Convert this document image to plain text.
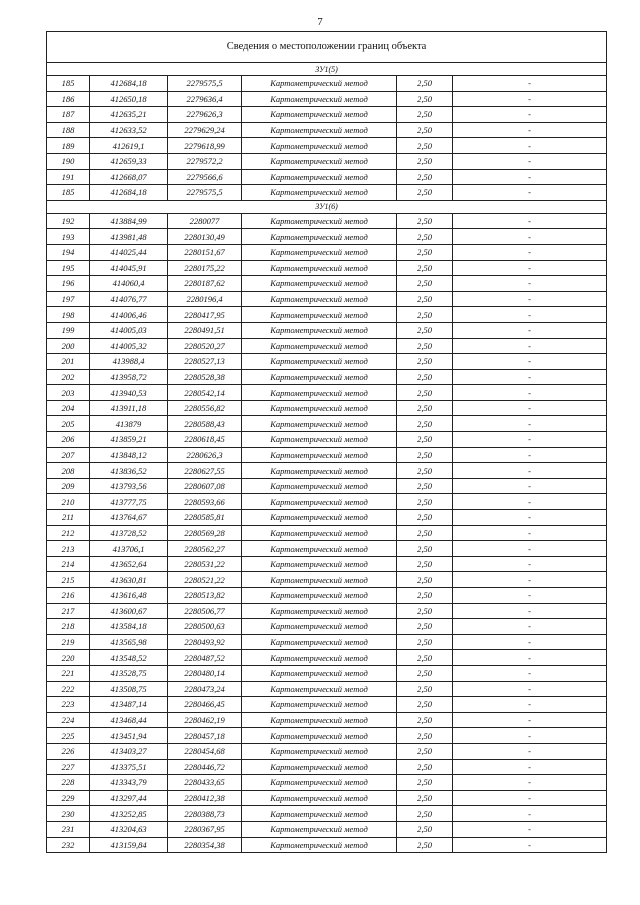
7
Сведения о местоположении границ объекта					
ЗУ1(5)					
185	412684,18	2279575,5	Картометрический метод	2,50	-
186	412650,18	2279636,4	Картометрический метод	2,50	-
187	412635,21	2279626,3	Картометрический метод	2,50	-
188	412633,52	2279629,24	Картометрический метод	2,50	-
189	412619,1	2279618,99	Картометрический метод	2,50	-
190	412659,33	2279572,2	Картометрический метод	2,50	-
191	412668,07	2279566,6	Картометрический метод	2,50	-
185	412684,18	2279575,5	Картометрический метод	2,50	-
ЗУ1(6)					
192	413884,99	2280077	Картометрический метод	2,50	-
193	413981,48	2280130,49	Картометрический метод	2,50	-
194	414025,44	2280151,67	Картометрический метод	2,50	-
195	414045,91	2280175,22	Картометрический метод	2,50	-
196	414060,4	2280187,62	Картометрический метод	2,50	-
197	414076,77	2280196,4	Картометрический метод	2,50	-
198	414006,46	2280417,95	Картометрический метод	2,50	-
199	414005,03	2280491,51	Картометрический метод	2,50	-
200	414005,32	2280520,27	Картометрический метод	2,50	-
201	413988,4	2280527,13	Картометрический метод	2,50	-
202	413958,72	2280528,38	Картометрический метод	2,50	-
203	413940,53	2280542,14	Картометрический метод	2,50	-
204	413911,18	2280556,82	Картометрический метод	2,50	-
205	413879	2280588,43	Картометрический метод	2,50	-
206	413859,21	2280618,45	Картометрический метод	2,50	-
207	413848,12	2280626,3	Картометрический метод	2,50	-
208	413836,52	2280627,55	Картометрический метод	2,50	-
209	413793,56	2280607,08	Картометрический метод	2,50	-
210	413777,75	2280593,66	Картометрический метод	2,50	-
211	413764,67	2280585,81	Картометрический метод	2,50	-
212	413728,52	2280569,28	Картометрический метод	2,50	-
213	413706,1	2280562,27	Картометрический метод	2,50	-
214	413652,64	2280531,22	Картометрический метод	2,50	-
215	413630,81	2280521,22	Картометрический метод	2,50	-
216	413616,48	2280513,82	Картометрический метод	2,50	-
217	413600,67	2280506,77	Картометрический метод	2,50	-
218	413584,18	2280500,63	Картометрический метод	2,50	-
219	413565,98	2280493,92	Картометрический метод	2,50	-
220	413548,52	2280487,52	Картометрический метод	2,50	-
221	413528,75	2280480,14	Картометрический метод	2,50	-
222	413508,75	2280473,24	Картометрический метод	2,50	-
223	413487,14	2280466,45	Картометрический метод	2,50	-
224	413468,44	2280462,19	Картометрический метод	2,50	-
225	413451,94	2280457,18	Картометрический метод	2,50	-
226	413403,27	2280454,68	Картометрический метод	2,50	-
227	413375,51	2280446,72	Картометрический метод	2,50	-
228	413343,79	2280433,65	Картометрический метод	2,50	-
229	413297,44	2280412,38	Картометрический метод	2,50	-
230	413252,85	2280388,73	Картометрический метод	2,50	-
231	413204,63	2280367,95	Картометрический метод	2,50	-
232	413159,84	2280354,38	Картометрический метод	2,50	-
